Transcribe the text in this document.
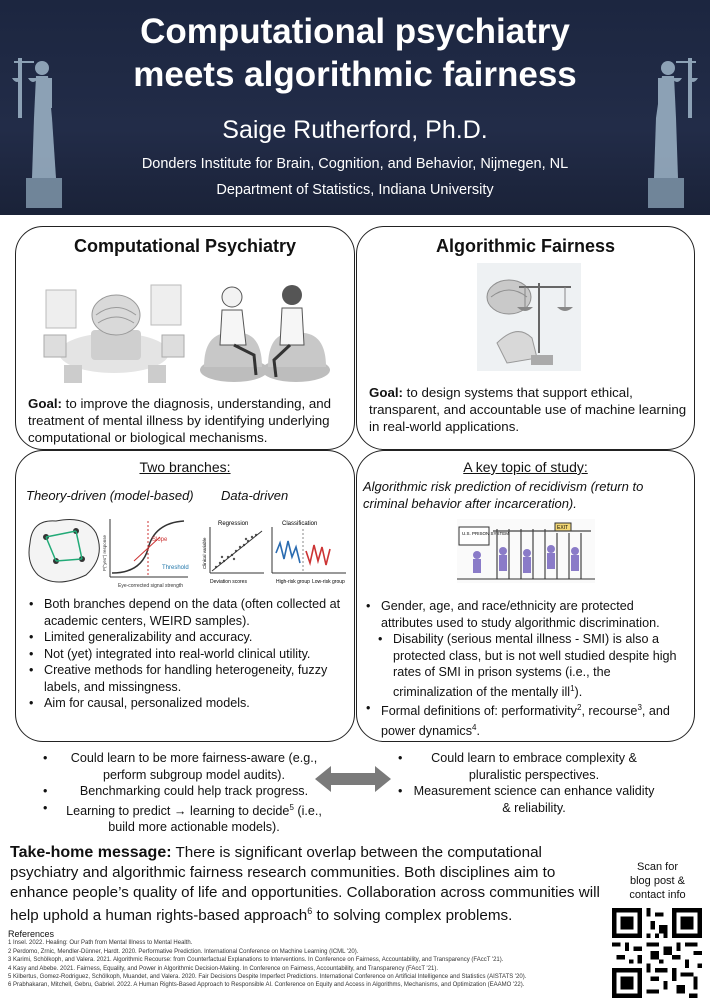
Computational psychiatry
meets algorithmic fairness
Saige Rutherford, Ph.D.
Donders Institute for Brain, Cognition, and Behavior, Nijmegen, NL
Department of Statistics, Indiana University
Computational Psychiatry
Goal: to improve the diagnosis, understanding, and treatment of mental illness by identifying underlying computational or biological mechanisms.
Algorithmic Fairness
Goal: to design systems that support ethical, transparent, and accountable use of machine learning in real-world applications.
Two branches:
Theory-driven (model-based) Data-driven
Slope
Threshold
Eye-corrected signal strength
P("yes") response
Regression	Classification
Deviation scores	High-risk group Low-risk group
Clinical variable
• Both branches depend on the data (often collected at academic centers, WEIRD samples).
• Limited generalizability and accuracy.
• Not (yet) integrated into real-world clinical utility.
• Creative methods for handling heterogeneity, fuzzy labels, and missingness.
• Aim for causal, personalized models.
A key topic of study:
Algorithmic risk prediction of recidivism (return to criminal behavior after incarceration).
U.S. PRISON SYSTEM
EXIT
• Gender, age, and race/ethnicity are protected attributes used to study algorithmic discrimination.
• Disability (serious mental illness - SMI) is also a protected class, but is not well studied despite high rates of SMI in prison systems (i.e., the criminalization of the mentally ill$^1$).
• Formal definitions of: performativity$^2$, recourse$^3$, and power dynamics$^4$.
• Could learn to be more fairness-aware (e.g., perform subgroup model audits).
• Benchmarking could help track progress.
• Learning to predict → learning to decide$^5$ (i.e., build more actionable models).
• Could learn to embrace complexity & pluralistic perspectives.
• Measurement science can enhance validity & reliability.
Take-home message: There is significant overlap between the computational psychiatry and algorithmic fairness research communities. Both disciplines aim to enhance people’s quality of life and opportunities. Collaboration across communities will help uphold a human rights-based approach$^6$ to solving complex problems.
References
1 Insel. 2022. Healing: Our Path from Mental Illness to Mental Health.
2 Perdomo, Zrnic, Mendler-Dünner, Hardt. 2020. Performative Prediction. International Conference on Machine Learning (ICML '20).
3 Karimi, Schölkoph, and Valera. 2021. Algorithmic Recourse: from Counterfactual Explanations to Interventions. In Conference on Fairness, Accountability, and Transparency (FAccT '21).
4 Kasy and Abebe. 2021. Fairness, Equality, and Power in Algorithmic Decision-Making. In Conference on Fairness, Accountability, and Transparency (FAccT '21).
5 Kilbertus, Gomez-Rodriguez, Schölkoph, Muandet, and Valera. 2020. Fair Decisions Despite Imperfect Predictions. International Conference on Artificial Intelligence and Statistics (AISTATS '20).
6 Prabhakaran, Mitchell, Gebru, Gabriel. 2022. A Human Rights-Based Approach to Responsible AI. Conference on Equity and Access in Algorithms, Mechanisms, and Optimization (EAAMO '22).
Scan for
blog post &
contact info
